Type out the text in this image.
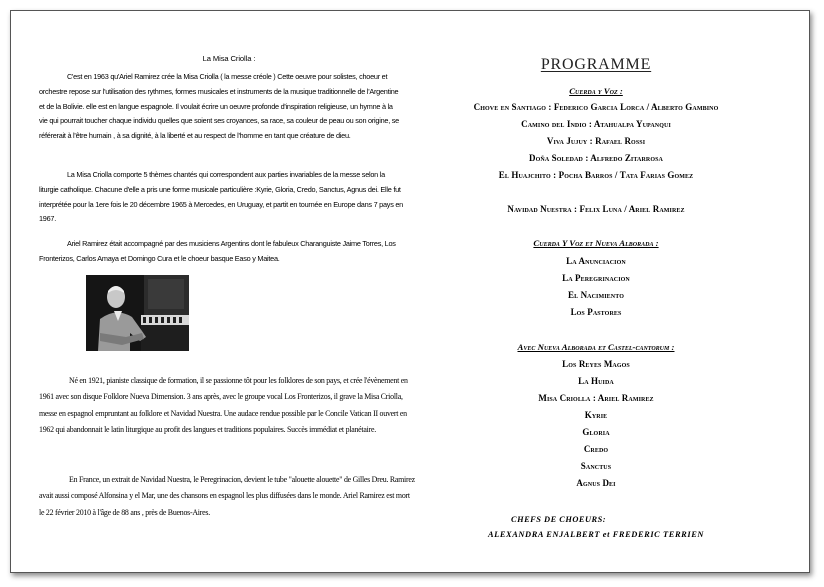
La Misa Criolla :
C'est en 1963 qu'Ariel Ramirez crée la Misa Criolla ( la messe créole ) Cette oeuvre pour solistes, choeur et orchestre repose sur l'utilisation des rythmes, formes musicales et instruments de la musique traditionnelle de l'Argentine et de la Bolivie. elle est en langue espagnole. Il voulait écrire un oeuvre profonde d'inspiration religieuse, un hymne à la vie qui pourrait toucher chaque individu quelles que soient ses croyances, sa race, sa couleur de peau ou son origine, se référerait à l'être humain , à sa dignité, à la liberté et au respect de l'homme en tant que créature de dieu.
La Misa Criolla comporte 5 thèmes chantés qui correspondent aux parties invariables de la messe selon la liturgie catholique. Chacune d'elle a pris une forme musicale particulière :Kyrie, Gloria, Credo, Sanctus, Agnus dei. Elle fut interprétée pour la 1ere fois le 20 décembre 1965 à Mercedes, en Uruguay, et partit en tournée en Europe dans 7 pays en 1967.
Ariel Ramirez était accompagné par des musiciens Argentins dont le fabuleux Charanguiste Jaime Torres, Los Fronterizos, Carlos Amaya et Domingo Cura et le choeur basque Easo y Maitea.
Né en 1921, pianiste classique de formation, il se passionne tôt pour les folklores de son pays, et crée l'évènement en 1961 avec son disque Folklore Nueva Dimension. 3 ans après, avec le groupe vocal Los Fronterizos, il grave la Misa Criolla, messe en espagnol empruntant au folklore et Navidad Nuestra. Une audace rendue possible par le Concile Vatican II ouvert en 1962 qui abandonnait le latin liturgique au profit des langues et traditions populaires. Succès immédiat et planétaire.
En France, un extrait de Navidad Nuestra, le Peregrinacion, devient le tube "alouette alouette" de Gilles Dreu. Ramirez avait aussi composé Alfonsina y el Mar, une des chansons en espagnol les plus diffusées dans le monde. Ariel Ramirez est mort le 22 février 2010 à l'âge de 88 ans , près de Buenos-Aires.
PROGRAMME
Cuerda y Voz :
Chove en Santiago : Federico Garcia Lorca / Alberto Gambino
Camino del Indio : Atahualpa Yupanqui
Viva Jujuy : Rafael Rossi
Doña Soledad : Alfredo Zitarrosa
El Huajchito : Pocha Barros / Tata Farias Gomez
Navidad Nuestra : Felix Luna / Ariel Ramirez
Cuerda Y Voz et Nueva Alborada :
La Anunciacion
La Peregrinacion
El Nacimiento
Los Pastores
Avec Nueva Alborada et Castel-cantorum :
Los Reyes Magos
La Huida
Misa Criolla : Ariel Ramirez
Kyrie
Gloria
Credo
Sanctus
Agnus Dei
CHEFS DE CHOEURS:
ALEXANDRA ENJALBERT et FREDERIC TERRIEN
